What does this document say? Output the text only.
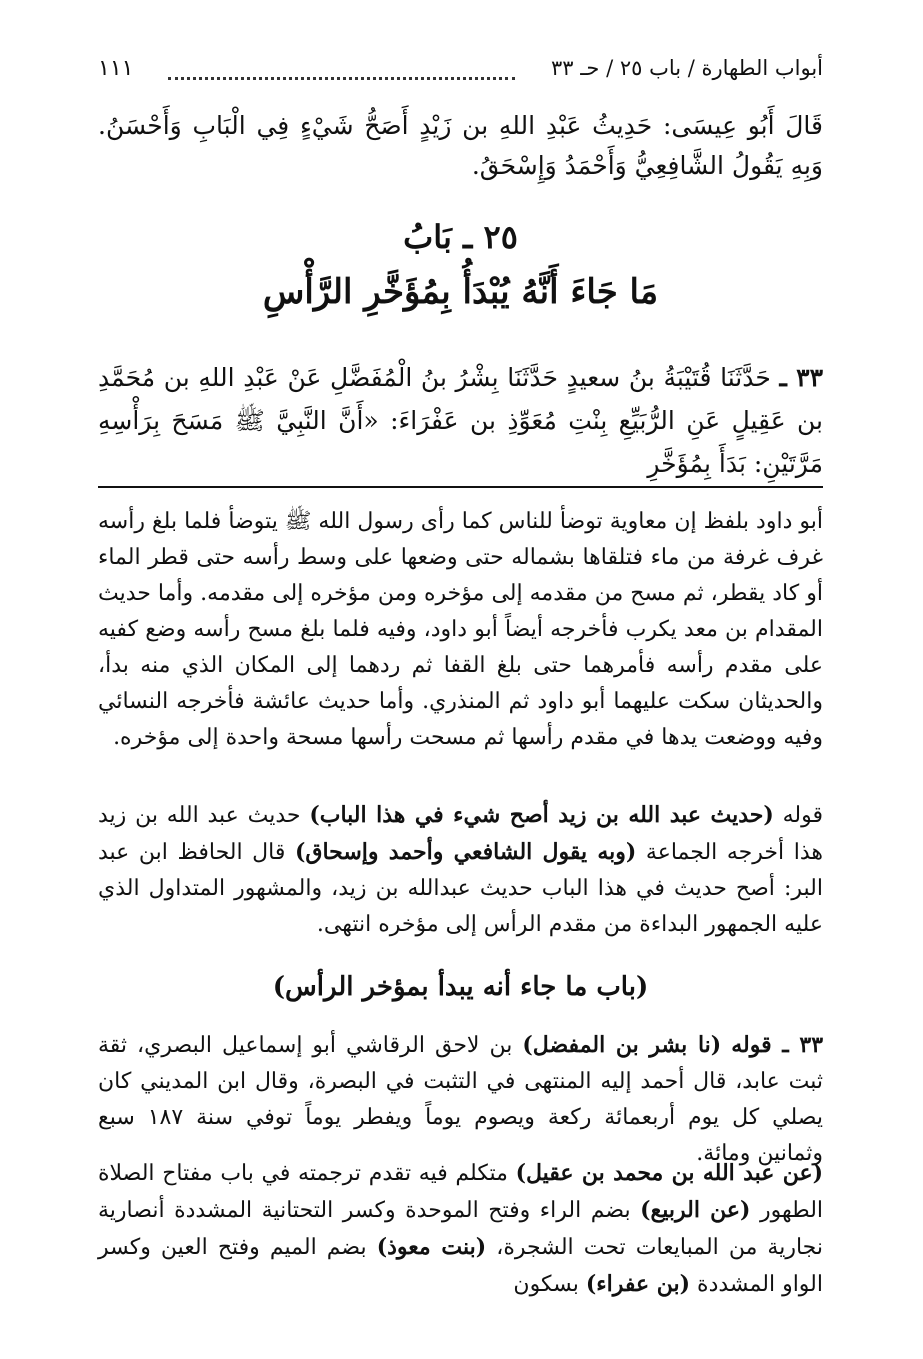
أبواب الطهارة / باب ٢٥ / حـ ٣٣
١١١
قَالَ أَبُو عِيسَى: حَدِيثُ عَبْدِ اللهِ بن زَيْدٍ أَصَحُّ شَيْءٍ فِي الْبَابِ وَأَحْسَنُ. وَبِهِ يَقُولُ الشَّافِعِيُّ وَأَحْمَدُ وَإِسْحَقُ.
٢٥ ـ بَابُ
مَا جَاءَ أَنَّهُ يُبْدَأُ بِمُؤَخَّرِ الرَّأْسِ
٣٣ ـ حَدَّثَنَا قُتَيْبَةُ بنُ سعيدٍ حَدَّثَنَا بِشْرُ بنُ الْمُفَضَّلِ عَنْ عَبْدِ اللهِ بن مُحَمَّدِ بن عَقِيلٍ عَنِ الرُّبَيِّعِ بِنْتِ مُعَوِّذِ بن عَفْرَاءَ: «أَنَّ النَّبِيَّ ﷺ مَسَحَ بِرَأْسِهِ مَرَّتَيْنِ: بَدَأَ بِمُؤَخَّرِ

أبو داود بلفظ إن معاوية توضأ للناس كما رأى رسول الله ﷺ يتوضأ فلما بلغ رأسه غرف غرفة من ماء فتلقاها بشماله حتى وضعها على وسط رأسه حتى قطر الماء أو كاد يقطر، ثم مسح من مقدمه إلى مؤخره ومن مؤخره إلى مقدمه. وأما حديث المقدام بن معد يكرب فأخرجه أيضاً أبو داود، وفيه فلما بلغ مسح رأسه وضع كفيه على مقدم رأسه فأمرهما حتى بلغ القفا ثم ردهما إلى المكان الذي منه بدأ، والحديثان سكت عليهما أبو داود ثم المنذري. وأما حديث عائشة فأخرجه النسائي وفيه ووضعت يدها في مقدم رأسها ثم مسحت رأسها مسحة واحدة إلى مؤخره.

قوله (حديث عبد الله بن زيد أصح شيء في هذا الباب) حديث عبد الله بن زيد هذا أخرجه الجماعة (وبه يقول الشافعي وأحمد وإسحاق) قال الحافظ ابن عبد البر: أصح حديث في هذا الباب حديث عبدالله بن زيد، والمشهور المتداول الذي عليه الجمهور البداءة من مقدم الرأس إلى مؤخره انتهى.

(باب ما جاء أنه يبدأ بمؤخر الرأس)

٣٣ ـ قوله (نا بشر بن المفضل) بن لاحق الرقاشي أبو إسماعيل البصري، ثقة ثبت عابد، قال أحمد إليه المنتهى في التثبت في البصرة، وقال ابن المديني كان يصلي كل يوم أربعمائة ركعة ويصوم يوماً ويفطر يوماً توفي سنة ١٨٧ سبع وثمانين ومائة.

(عن عبد الله بن محمد بن عقيل) متكلم فيه تقدم ترجمته في باب مفتاح الصلاة الطهور (عن الربيع) بضم الراء وفتح الموحدة وكسر التحتانية المشددة أنصارية نجارية من المبايعات تحت الشجرة، (بنت معوذ) بضم الميم وفتح العين وكسر الواو المشددة (بن عفراء) بسكون
